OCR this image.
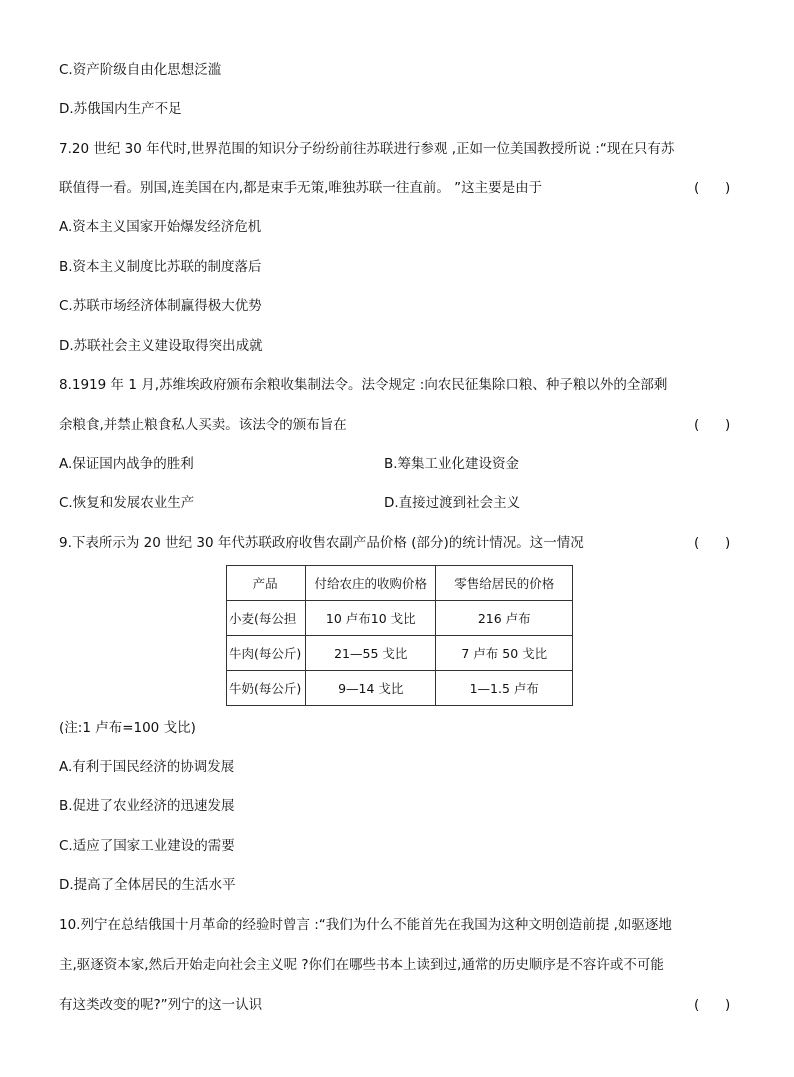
C.资产阶级自由化思想泛滥
D.苏俄国内生产不足
7.20 世纪 30 年代时,世界范围的知识分子纷纷前往苏联进行参观 ,正如一位美国教授所说 :“现在只有苏
联值得一看。别国,连美国在内,都是束手无策,唯独苏联一往直前。 ”这主要是由于	(      )
A.资本主义国家开始爆发经济危机
B.资本主义制度比苏联的制度落后
C.苏联市场经济体制赢得极大优势
D.苏联社会主义建设取得突出成就
8.1919 年 1 月,苏维埃政府颁布余粮收集制法令。法令规定 :向农民征集除口粮、种子粮以外的全部剩
余粮食,并禁止粮食私人买卖。该法令的颁布旨在	(      )
A.保证国内战争的胜利	B.筹集工业化建设资金
C.恢复和发展农业生产	D.直接过渡到社会主义
9.下表所示为 20 世纪 30 年代苏联政府收售农副产品价格 (部分)的统计情况。这一情况	(      )
产品	付给农庄的收购价格	零售给居民的价格
小麦(每公担	10 卢布10 戈比	216 卢布
牛肉(每公斤)	21—55 戈比	7 卢布 50 戈比
牛奶(每公斤)	9—14 戈比	1—1.5 卢布
(注:1 卢布=100 戈比)
A.有利于国民经济的协调发展
B.促进了农业经济的迅速发展
C.适应了国家工业建设的需要
D.提高了全体居民的生活水平
10.列宁在总结俄国十月革命的经验时曾言 :“我们为什么不能首先在我国为这种文明创造前提 ,如驱逐地
主,驱逐资本家,然后开始走向社会主义呢 ?你们在哪些书本上读到过,通常的历史顺序是不容许或不可能
有这类改变的呢?”列宁的这一认识	(      )
